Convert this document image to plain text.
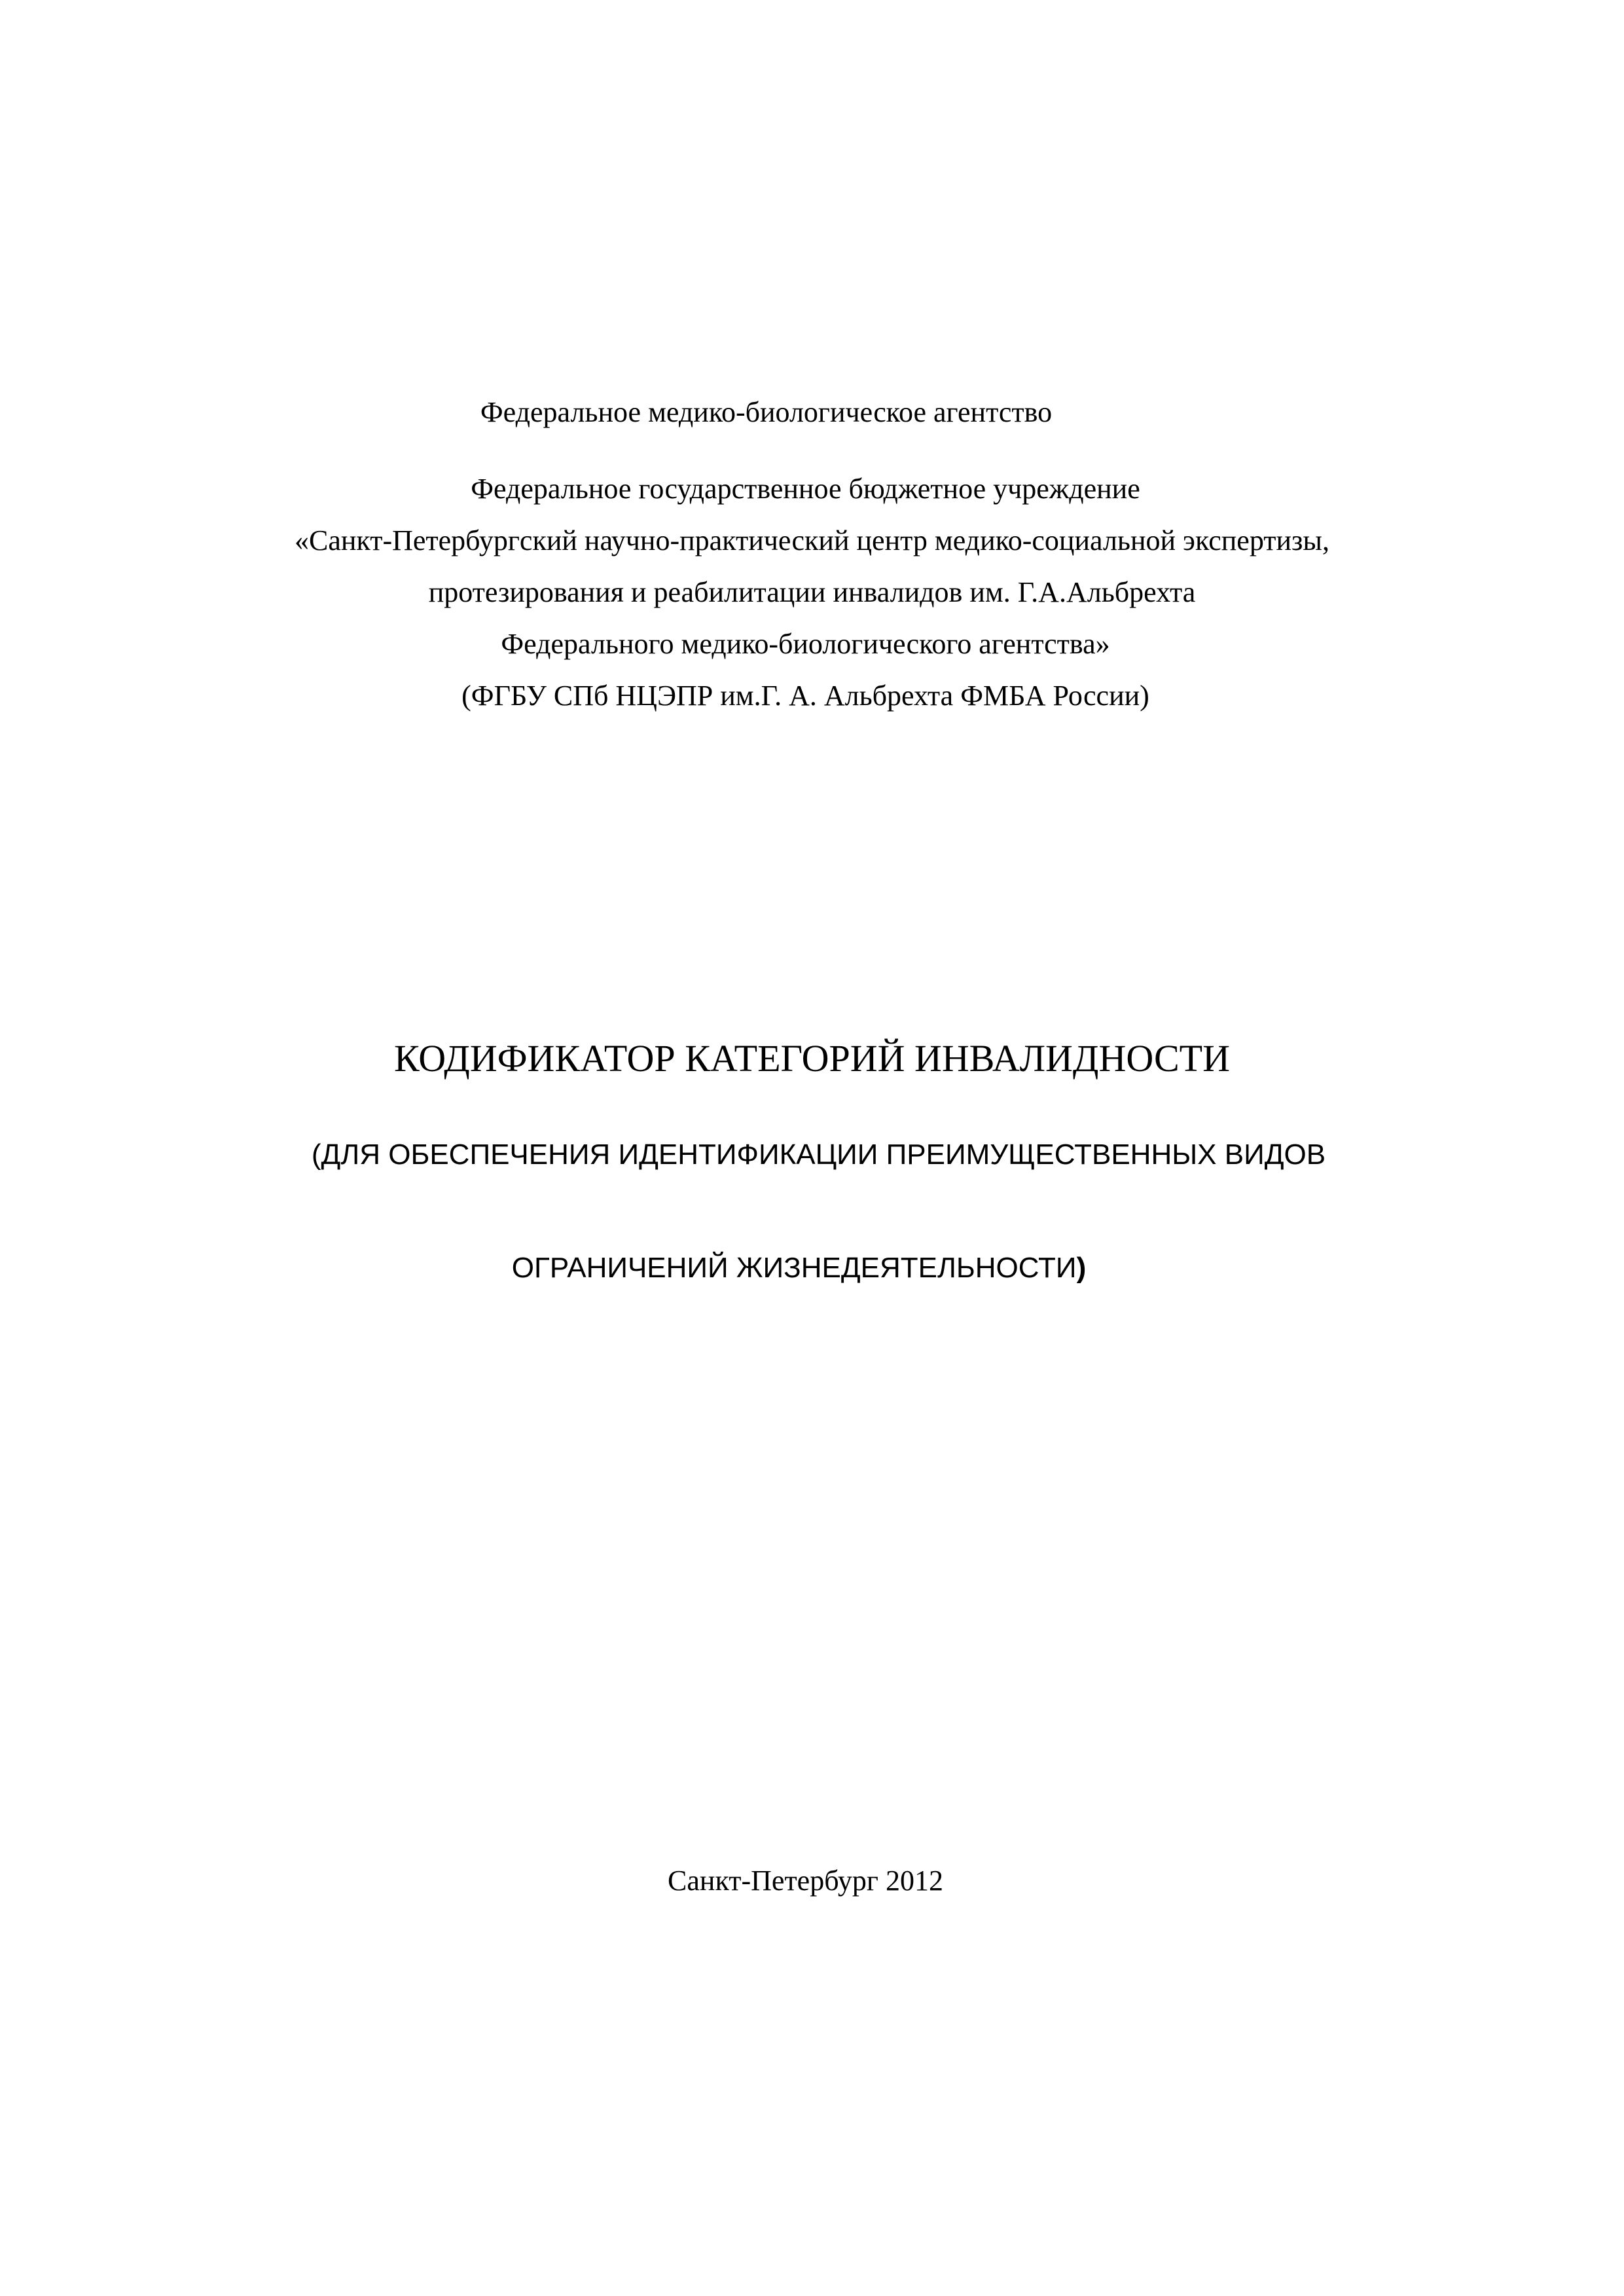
Федеральное медико-биологическое агентство
Федеральное государственное бюджетное учреждение
«Санкт-Петербургский научно-практический центр медико-социальной экспертизы,
протезирования и реабилитации инвалидов им. Г.А.Альбрехта
Федерального медико-биологического агентства»
(ФГБУ СПб НЦЭПР им.Г. А. Альбрехта ФМБА России)
КОДИФИКАТОР КАТЕГОРИЙ ИНВАЛИДНОСТИ
(ДЛЯ ОБЕСПЕЧЕНИЯ ИДЕНТИФИКАЦИИ ПРЕИМУЩЕСТВЕННЫХ ВИДОВ
ОГРАНИЧЕНИЙ ЖИЗНЕДЕЯТЕЛЬНОСТИ)
Санкт-Петербург 2012
